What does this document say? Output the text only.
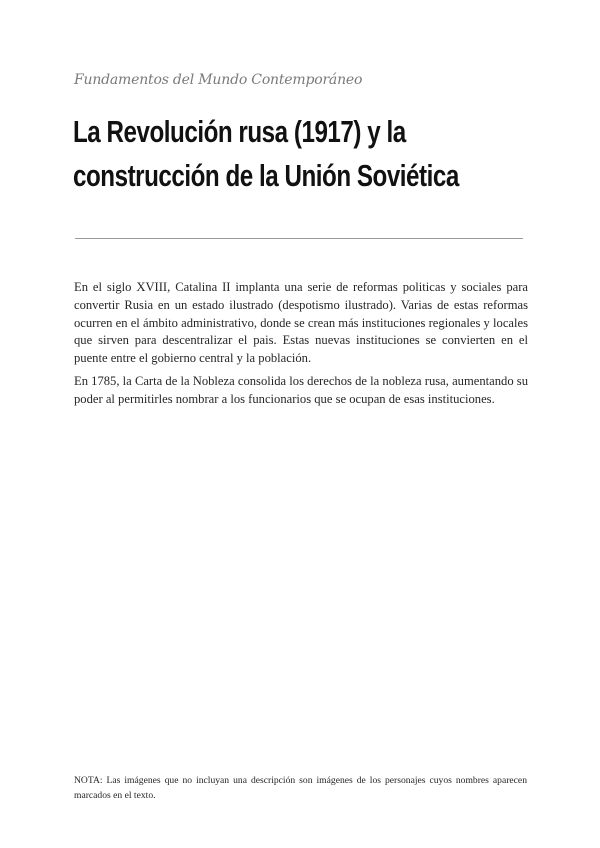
Fundamentos del Mundo Contemporáneo

La Revolución rusa (1917) y la
construcción de la Unión Soviética

En el siglo XVIII, Catalina II implanta una serie de reformas politicas y sociales para convertir Rusia en un estado ilustrado (despotismo ilustrado). Varias de estas reformas ocurren en el ámbito administrativo, donde se crean más instituciones regionales y locales que sirven para descentralizar el pais. Estas nuevas instituciones se convierten en el puente entre el gobierno central y la población.

En 1785, la Carta de la Nobleza consolida los derechos de la nobleza rusa, aumentando su poder al permitirles nombrar a los funcionarios que se ocupan de esas instituciones.

NOTA: Las imágenes que no incluyan una descripción son imágenes de los personajes cuyos nombres aparecen marcados en el texto.
